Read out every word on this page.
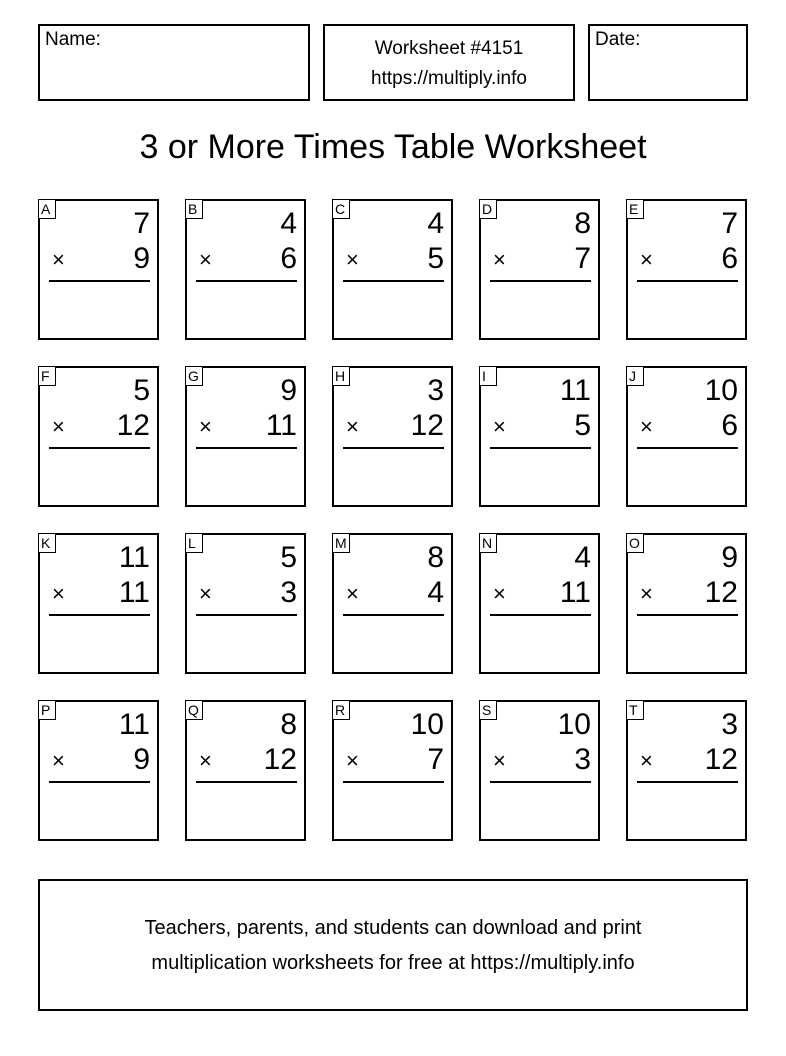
Name:	Worksheet #4151
https://multiply.info
Date:
3 or More Times Table Worksheet
A	7
× 9
B	4
× 6
C	4
× 5
D	8
× 7
E	7
× 6
F	5
× 12
G	9
× 11
H	3
× 12
I	11
× 5
J 10
× 6
K 11
× 11
L	5
× 3
M	8
× 4
N	4
× 11
O	9
× 12
P 11
× 9
Q	8
× 12
R 10
× 7
S 10
× 3
T	3
× 12
Teachers, parents, and students can download and print
multiplication worksheets for free at https://multiply.info
